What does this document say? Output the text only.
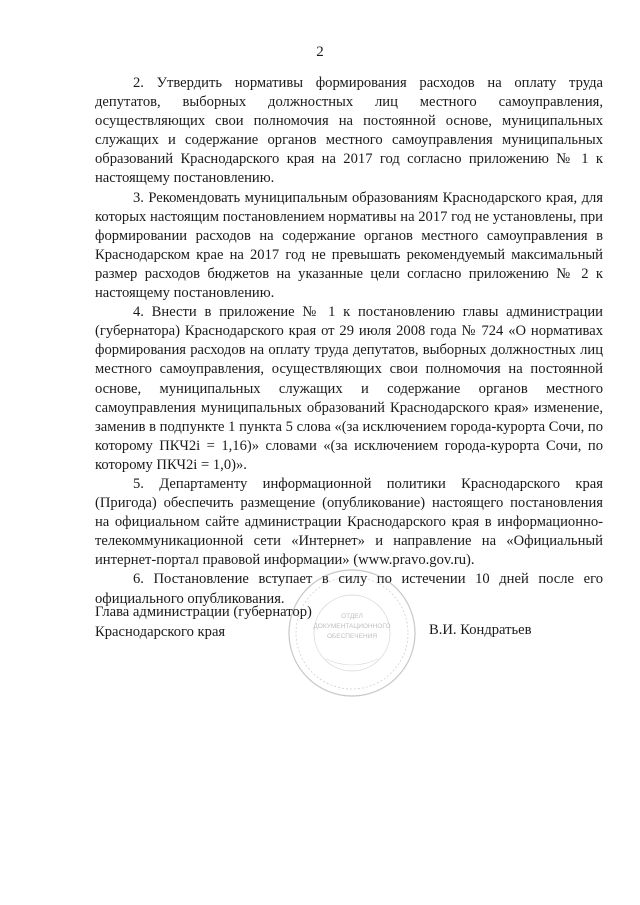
2

2. Утвердить нормативы формирования расходов на оплату труда депутатов, выборных должностных лиц местного самоуправления, осуществляющих свои полномочия на постоянной основе, муниципальных служащих и содержание органов местного самоуправления муниципальных образований Краснодарского края на 2017 год согласно приложению № 1 к настоящему постановлению.

3. Рекомендовать муниципальным образованиям Краснодарского края, для которых настоящим постановлением нормативы на 2017 год не установлены, при формировании расходов на содержание органов местного самоуправления в Краснодарском крае на 2017 год не превышать рекомендуемый максимальный размер расходов бюджетов на указанные цели согласно приложению № 2 к настоящему постановлению.

4. Внести в приложение № 1 к постановлению главы администрации (губернатора) Краснодарского края от 29 июля 2008 года № 724 «О нормативах формирования расходов на оплату труда депутатов, выборных должностных лиц местного самоуправления, осуществляющих свои полномочия на постоянной основе, муниципальных служащих и содержание органов местного самоуправления муниципальных образований Краснодарского края» изменение, заменив в подпункте 1 пункта 5 слова «(за исключением города-курорта Сочи, по которому ПКЧ2i = 1,16)» словами «(за исключением города-курорта Сочи, по которому ПКЧ2i = 1,0)».

5. Департаменту информационной политики Краснодарского края (Пригода) обеспечить размещение (опубликование) настоящего постановления на официальном сайте администрации Краснодарского края в информационно-телекоммуникационной сети «Интернет» и направление на «Официальный интернет-портал правовой информации» (www.pravo.gov.ru).

6. Постановление вступает в силу по истечении 10 дней после его официального опубликования.

Глава администрации (губернатор)
Краснодарского края	В.И. Кондратьев
ОТДЕЛ
ДОКУМЕНТАЦИОННОГО
ОБЕСПЕЧЕНИЯ
